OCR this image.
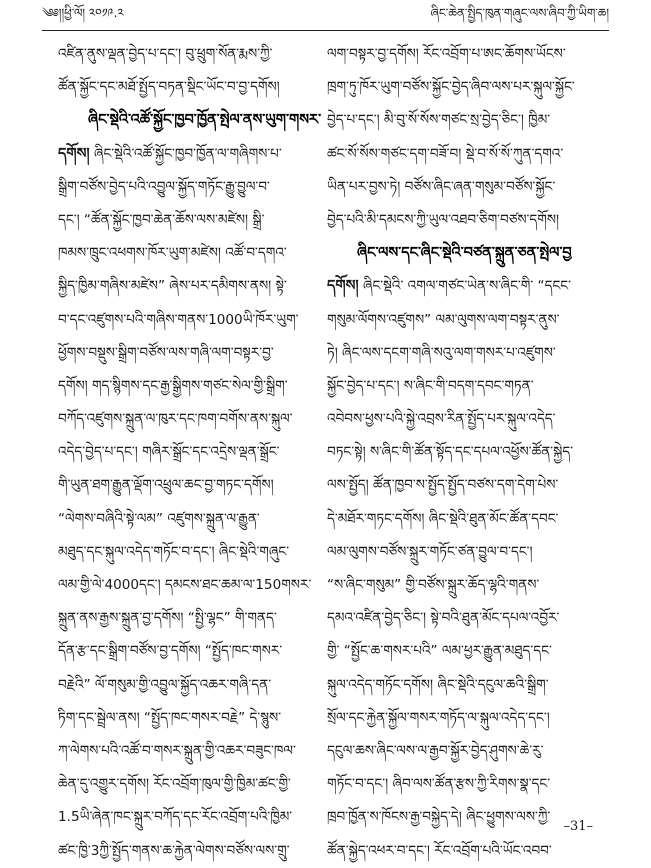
༄༅།།ཕྱི་ལོ། ༢༠༡༩.༢	ཞིང་ཆེན་སྤྱིད་ཁུན་གཞུང་ལས་ཞིབ་ཀྱི་ཡིག་ཆ།
འཛིན་ནུས་ལྡན་བྱེད་པ་དང་། བུ་ཕྲུག་སོན་རྨས་ཀྱི་
ཚོན་སྐྱོང་དང་མཐོ་སྤྱོད་བཏན་སྡིང་ཡོང་བ་བྱ་དགོས།
ཞིང་སྡེའི་འཚོ་སྐྱོང་ཁྱབ་ཁྱོན་སྤེལ་ནས་ཡུག་གསར་
དགོས། ཞིང་སྡེའི་འཚོ་སྐྱོང་ཁྱབ་ཁྱོན་ལ་གཞིགས་པ་
སྒྲིག་བཙོས་བྱེད་པའི་འབྱུལ་སྐྱོད་གཏོང་རྒྱུ་བྱུལ་བ་
དང་། “ཚོན་སྐྱོང་ཁྱབ་ཆེན་ཆོས་ལས་མཛེས། སྒྲི་
ཁམས་ཁྲུང་འཕགས་ཁོར་ཡུག་མཛེས། འཚོ་བ་དགའ་
སྐྱིད་ཁྱིམ་གཞིས་མཛེས” ཞེས་པར་དམིགས་ནས། སྟེ་
བ་དང་འཛུགས་པའི་གཞིས་གནས་1000ཡི་ཁོར་ཡུག་
ཕྱོགས་བསྡུས་སྒྲིག་བཙོས་ལས་གཞི་ལག་བསྟར་བྱ་
དགོས། གད་སྙིགས་དང་རྒྱ་སྒྱིགས་གཙང་སེལ་གྱི་སྒྲིག་
བཀོད་འཛུགས་སྐྲུན་ལ་ཁུར་དང་ཁག་བགོས་ནས་སྐུལ་
འདེད་བྱེད་པ་དང་། གཞིར་སྒྲོང་དང་འདྲེས་ལྡན་སྒྲོང་
གི་ཡུན་ཐག་རྒྱུན་ལྡོག་འཕྲུལ་ཆང་བྱ་གཏང་དགོས།
“ལེགས་བཞིའི་སྟེ་ལམ” འཛུགས་སྐྲུན་ལ་རྒྱུན་
མཐུད་དང་སྐུལ་འདེད་གཏོང་བ་དང་། ཞིང་སྡེའི་གཞུང་
ལམ་གྱི་ལེ་4000དང་། དམངས་ཐང་ཆམ་ལ་150གསར་
སྐྲུན་ནས་རྒྱས་སྐྲུན་བྱ་དགོས། “སྤྱི་ལྷང” གི་གནད་
དོན་རྩ་དང་སྒྲིག་བཙོས་བྱ་དགོས། “སྤྱོད་ཁང་གསར་
བརྗེའི” ལོ་གསུམ་གྱི་འབྱུལ་སྐྱོད་འཆར་གཞི་དན་
ཏིག་དང་སྦྲེལ་ནས། “སྤྱོད་ཁང་གསར་བརྗེ” དེ་སྙུས་
ཀ་ལེགས་པའི་འཚོ་བ་གསར་སྐྲུན་གྱི་འཆར་བཟུང་ཁལ་
ཆེན་དུ་འགྱུར་དགོས། རོང་འབྲོག་ཁུལ་གྱི་ཁྱིམ་ཚང་གྱི་
1.5ཡི་ཞེན་ཁང་སྐྲུར་བཀོད་དང་རོང་འབྲོག་པའི་ཁྱིམ་
ཚང་ཁྱི་3ཀྱི་སྤྱོད་གནས་ཆ་རྐྱེན་ལེགས་བཙོས་ལས་གྲུ་
ལག་བསྟར་བྱ་དགོས། རོང་འབྲོག་པ་ཨང་ཆོགས་ཡོངས་
ཁྲག་ཏུ་ཁོར་ཡུག་བཙོས་སྐྱོང་བྱེད་ཞིབ་ལས་པར་སྐུལ་སྐྱོང་
བྱེད་པ་དང་། མི་བུ་སོ་སོས་གཙང་སྲ་བྱེད་ཅིང་། ཁྱིམ་
ཚང་སོ་སོས་གཙང་དག་བཟོ་བ། སྡེ་བ་སོ་སོ་ཀུན་དགའ་
ཡིན་པར་བྱས་ཏེ། བཙོས་ཞིང་ཞན་གསུམ་བཙོས་སྐྱོང་
བྱེད་པའི་མི་དམངས་ཀྱི་ཡུལ་འཐབ་ཅིག་བཙས་དགོས།
ཞིང་ལས་དང་ཞིང་སྡེའི་བཙན་སྐྲུན་ཅན་སྤེལ་བྱ
དགོས། ཞིང་སྡེའི་ འགལ་གཙང་ཡེན་ས་ཞིང་གི་ “དངང་
གསུམ་ལོགས་འཛུགས” ལམ་ལུགས་ལག་བསྟར་ནུས་
ཏེ། ཞིང་ལས་དངག་གཞི་སའུ་ལག་གསར་པ་འཛུགས་
སྐྱོང་བྱེད་པ་དང་། ས་ཞིང་གི་བདག་དབང་གཏན་
འབེབས་ཕྱས་པའི་སྐྱེ་འབྲས་རིན་སྤྱོད་པར་སྐུལ་འདེད་
བཏང་སྟེ། ས་ཞིང་གི་ཚོན་སྟོད་དང་དཔལ་འཕྱོས་ཚོན་སྐྱེད་
ལས་སྤྱོད། ཚོན་ཁྱབ་ས་སྤྱོད་སྤྱོད་བཙས་དག་དེག་པེས་
དེ་མཐོར་གཏང་དགོས། ཞིང་སྡེའི་ཐུན་མོང་ཚོན་དབང་
ལམ་ལུགས་བཙོས་སྐྲུར་གཏོང་ཙན་བྱུལ་བ་དང་།
“ས་ཞིང་གསུམ” གྱི་བཙོས་སྐྲུར་ཆོད་ལྷའི་གནས་
དམའ་འཛིན་བྱེད་ཅིང་། སྟེ་བའི་ཐུན་མོང་དཔལ་འབྱོར་
གྱི་ “སྤྱོང་ཆ་གསར་པའི” ལམ་ཕྱར་རྒྱུན་མཐུད་དང་
སྐུལ་འདེད་གཏོང་དགོས། ཞིང་སྡེའི་དངུལ་ཆའི་སྒྲིག་
སྲོལ་དང་རྐྱེན་སྐྱོལ་གསར་གཏོད་ལ་སྐུལ་འདེད་དང་།
དངུལ་ཆས་ཞིང་ལས་ལ་རྒྱབ་སྐྱོར་བྱེད་ཤུགས་ཆེ་རུ་
གཏོང་བ་དང་། ཞིབ་ལས་ཚོན་རྩས་ཀྱི་རིགས་སྣ་དང་
ཁྲབ་ཁྱོན་ས་ཁོངས་རྒྱ་བསྐྱེད་དེ། ཞིང་ཕྱུགས་ལས་ཀྱི་
ཚོན་སྐྱེད་འཕར་བ་དང་། རོང་འབྲོག་པའི་ཡོང་འབབ་
–31–
